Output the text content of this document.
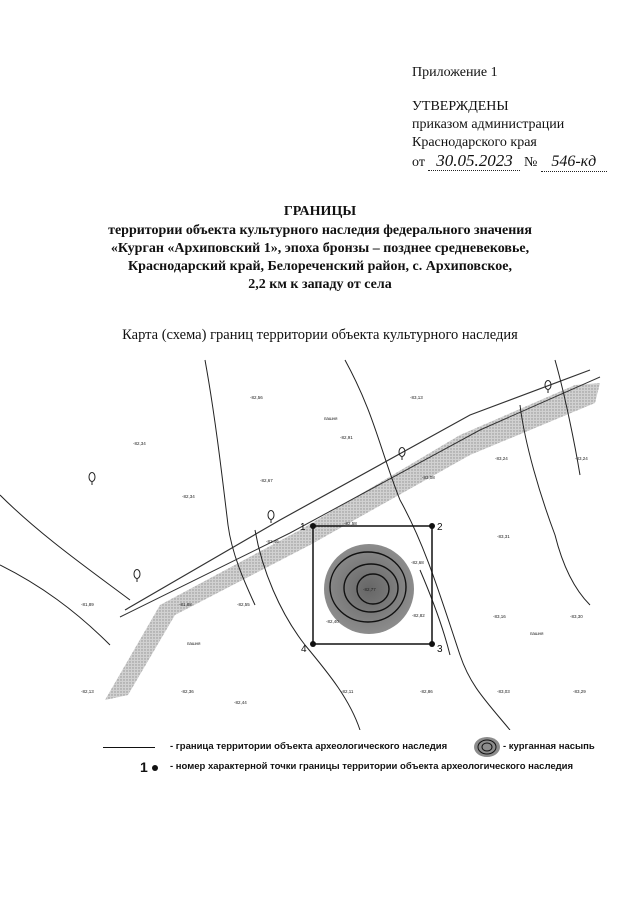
Приложение 1
УТВЕРЖДЕНЫ
приказом администрации
Краснодарского края
от 30.05.2023 № 546-кд
ГРАНИЦЫ
территории объекта культурного наследия федерального значения
«Курган «Архиповский 1», эпоха бронзы – позднее средневековье,
Краснодарский край, Белореченский район, с. Архиповское,
2,2 км к западу от села
Карта (схема) границ территории объекта культурного наследия
1	2
3
4
-82,56	-83,13
-82,34
-82,91
-83,24	-83,24
-82,67
-83,08
-82,34
-82,58
-83,31
-82,46
-82,68
-82,77
-81,89	-81,88	-82,55
-82,40
-82,82	-83,16	-83,30
-82,13	-82,36	-82,11	-82,86	-83,03	-83,29
-82,44
пашня
пашня
пашня
- граница территории объекта археологического наследия	- курганная насыпь
1 - номер характерной точки границы территории объекта археологического наследия
